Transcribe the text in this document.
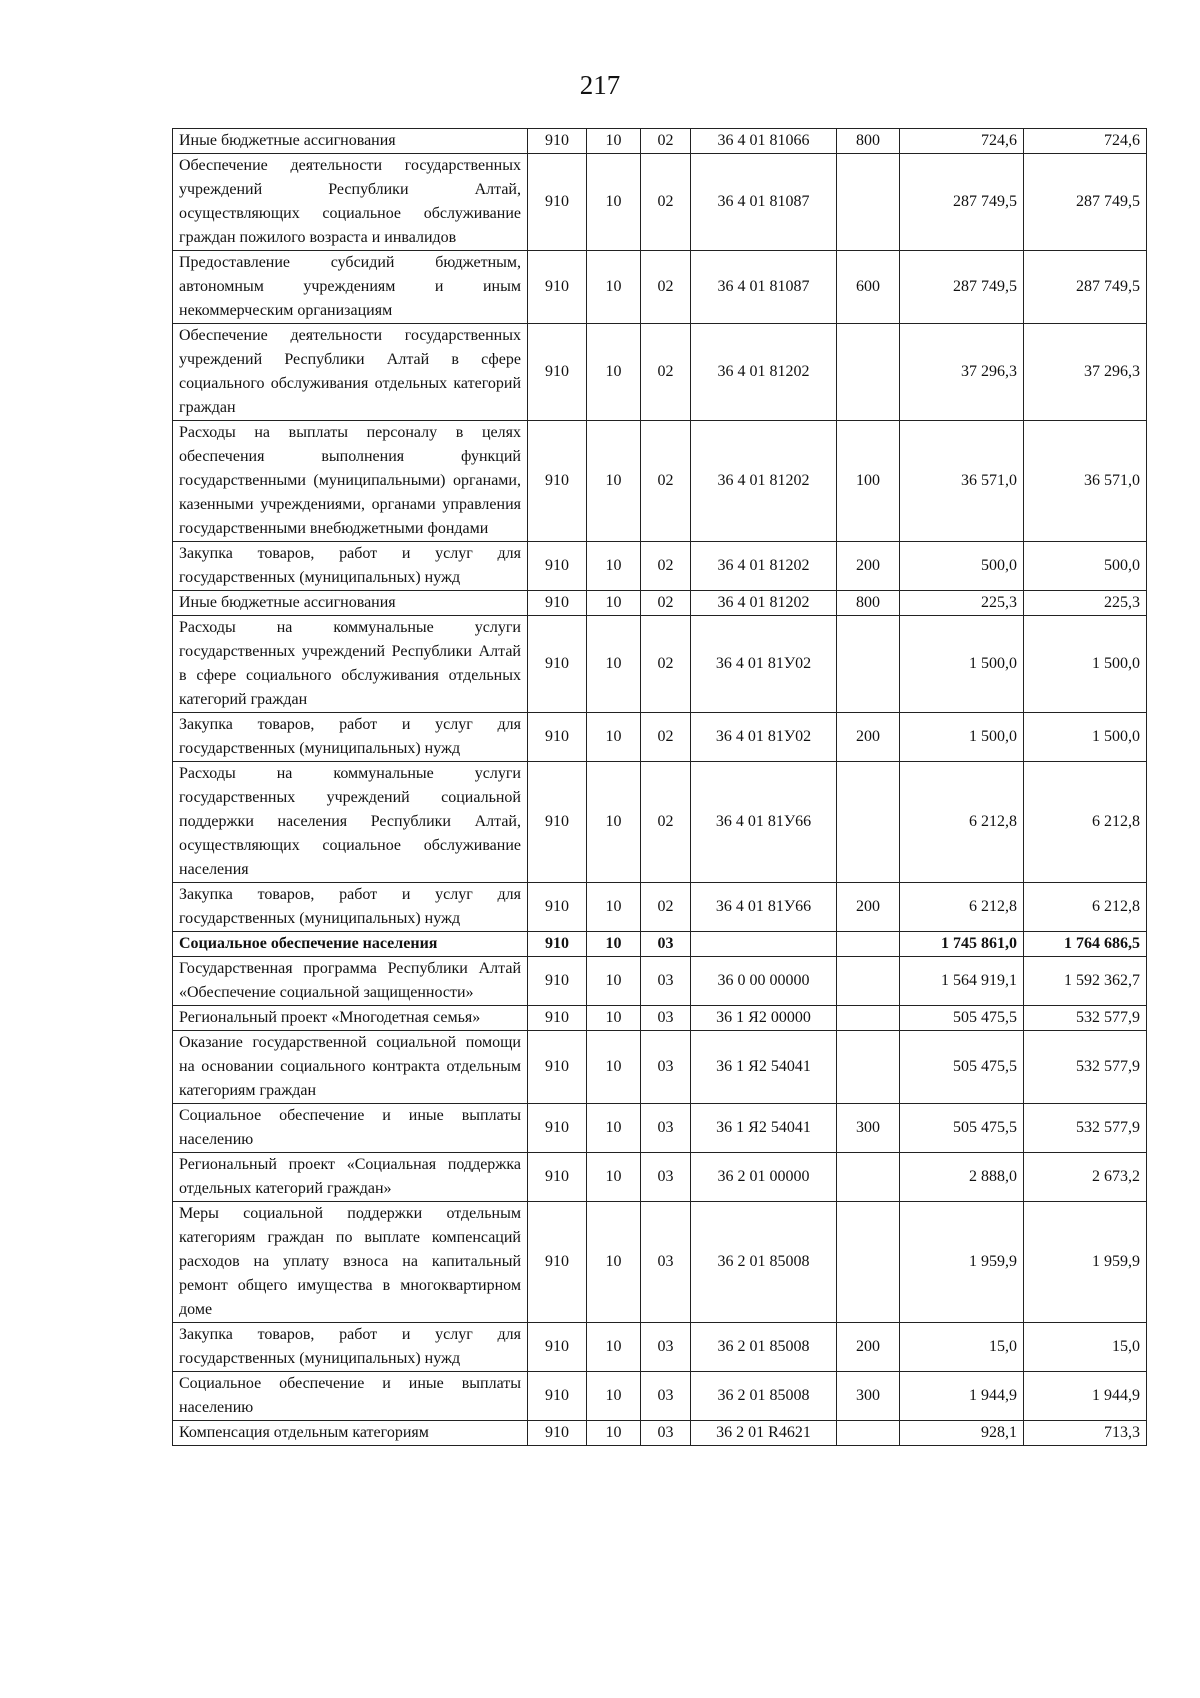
217
Иные бюджетные ассигнования	910	10	02	36 4 01 81066	800	724,6	724,6
Обеспечение деятельности государственных учреждений Республики Алтай, осуществляющих социальное обслуживание граждан пожилого возраста и инвалидов	910	10	02	36 4 01 81087		287 749,5	287 749,5
Предоставление субсидий бюджетным, автономным учреждениям и иным некоммерческим организациям	910	10	02	36 4 01 81087	600	287 749,5	287 749,5
Обеспечение деятельности государственных учреждений Республики Алтай в сфере социального обслуживания отдельных категорий граждан	910	10	02	36 4 01 81202		37 296,3	37 296,3
Расходы на выплаты персоналу в целях обеспечения выполнения функций государственными (муниципальными) органами, казенными учреждениями, органами управления государственными внебюджетными фондами	910	10	02	36 4 01 81202	100	36 571,0	36 571,0
Закупка товаров, работ и услуг для государственных (муниципальных) нужд	910	10	02	36 4 01 81202	200	500,0	500,0
Иные бюджетные ассигнования	910	10	02	36 4 01 81202	800	225,3	225,3
Расходы на коммунальные услуги государственных учреждений Республики Алтай в сфере социального обслуживания отдельных категорий граждан	910	10	02	36 4 01 81У02		1 500,0	1 500,0
Закупка товаров, работ и услуг для государственных (муниципальных) нужд	910	10	02	36 4 01 81У02	200	1 500,0	1 500,0
Расходы на коммунальные услуги государственных учреждений социальной поддержки населения Республики Алтай, осуществляющих социальное обслуживание населения	910	10	02	36 4 01 81У66		6 212,8	6 212,8
Закупка товаров, работ и услуг для государственных (муниципальных) нужд	910	10	02	36 4 01 81У66	200	6 212,8	6 212,8
Социальное обеспечение населения	910	10	03			1 745 861,0	1 764 686,5
Государственная программа Республики Алтай «Обеспечение социальной защищенности»	910	10	03	36 0 00 00000		1 564 919,1	1 592 362,7
Региональный проект «Многодетная семья»	910	10	03	36 1 Я2 00000		505 475,5	532 577,9
Оказание государственной социальной помощи на основании социального контракта отдельным категориям граждан	910	10	03	36 1 Я2 54041		505 475,5	532 577,9
Социальное обеспечение и иные выплаты населению	910	10	03	36 1 Я2 54041	300	505 475,5	532 577,9
Региональный проект «Социальная поддержка отдельных категорий граждан»	910	10	03	36 2 01 00000		2 888,0	2 673,2
Меры социальной поддержки отдельным категориям граждан по выплате компенсаций расходов на уплату взноса на капитальный ремонт общего имущества в многоквартирном доме	910	10	03	36 2 01 85008		1 959,9	1 959,9
Закупка товаров, работ и услуг для государственных (муниципальных) нужд	910	10	03	36 2 01 85008	200	15,0	15,0
Социальное обеспечение и иные выплаты населению	910	10	03	36 2 01 85008	300	1 944,9	1 944,9
Компенсация отдельным категориям	910	10	03	36 2 01 R4621		928,1	713,3
